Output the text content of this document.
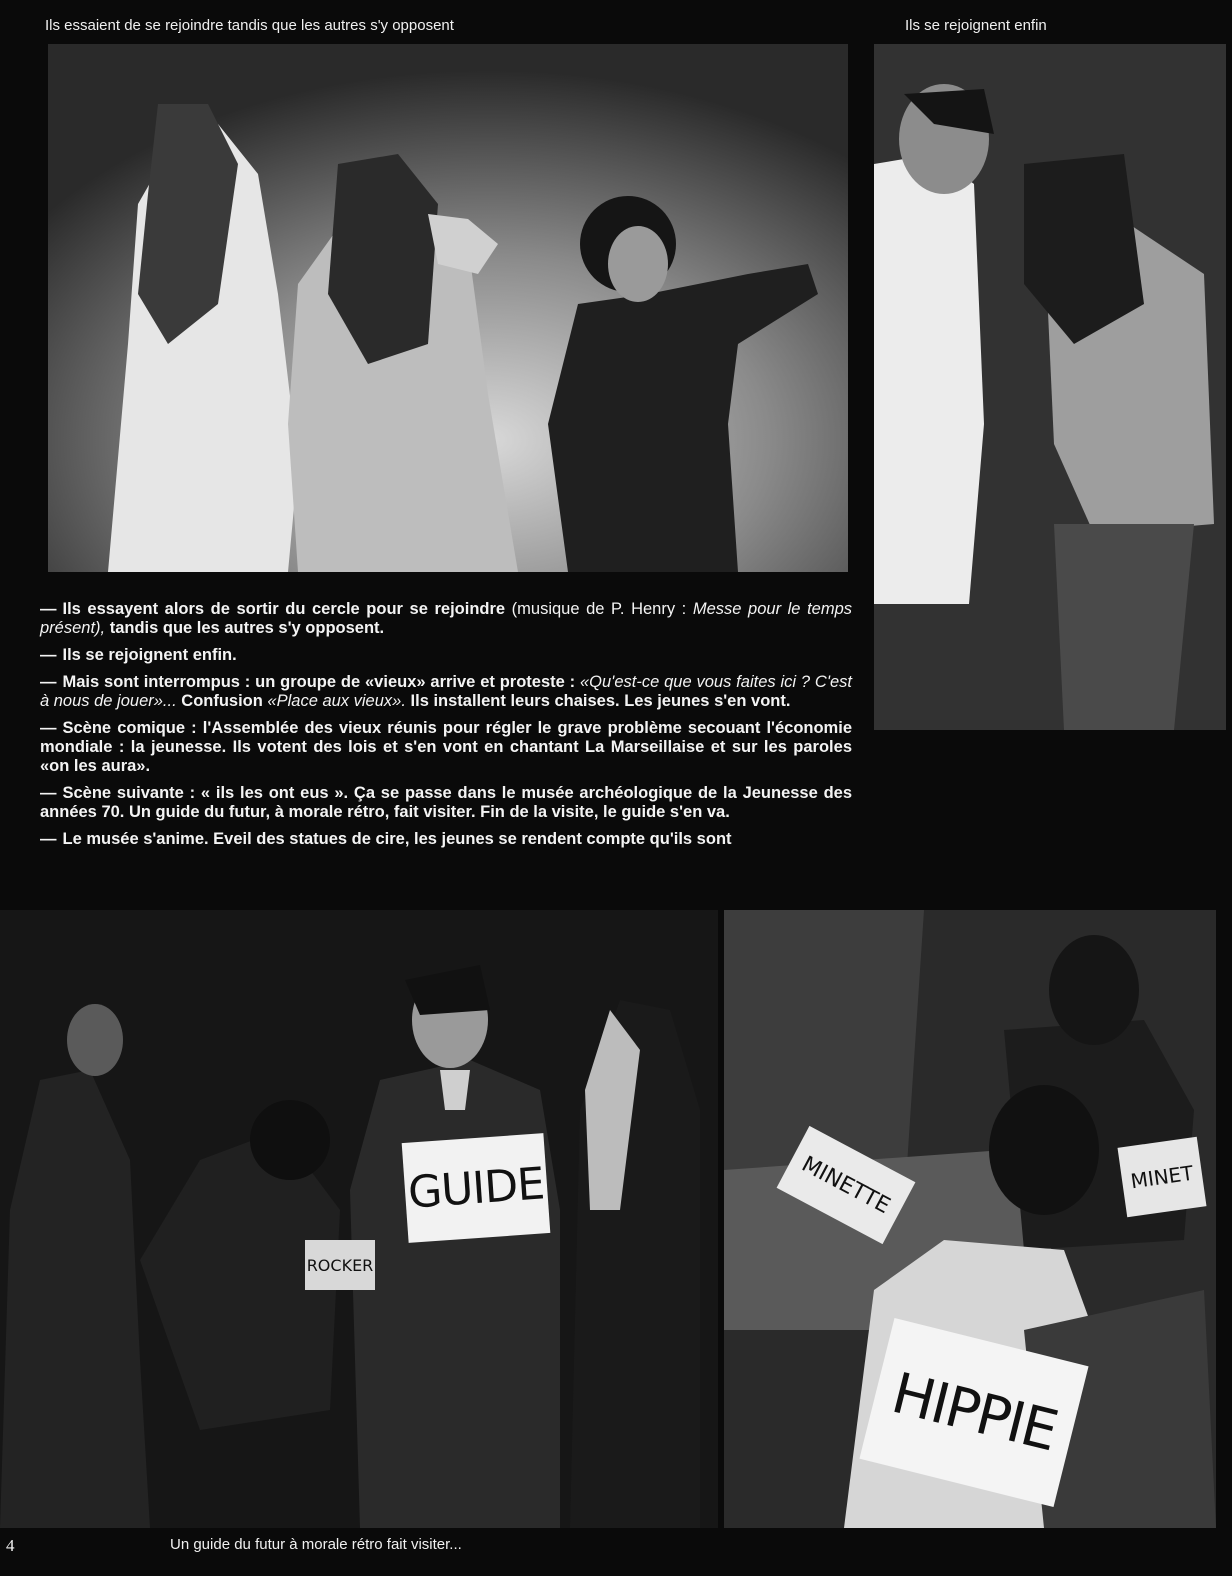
Ils essaient de se rejoindre tandis que les autres s'y opposent	Ils se rejoignent enfin

— Ils essayent alors de sortir du cercle pour se rejoindre (musique de P. Henry : Messe pour le temps présent), tandis que les autres s'y opposent.

— Ils se rejoignent enfin.

— Mais sont interrompus : un groupe de «vieux» arrive et proteste : «Qu'est-ce que vous faites ici ? C'est à nous de jouer»... Confusion «Place aux vieux». Ils installent leurs chaises. Les jeunes s'en vont.

— Scène comique : l'Assemblée des vieux réunis pour régler le grave problème secouant l'économie mondiale : la jeunesse. Ils votent des lois et s'en vont en chantant La Marseillaise et sur les paroles «on les aura».

— Scène suivante : « ils les ont eus ». Ça se passe dans le musée archéologique de la Jeunesse des années 70. Un guide du futur, à morale rétro, fait visiter. Fin de la visite, le guide s'en va.

— Le musée s'anime. Eveil des statues de cire, les jeunes se rendent compte qu'ils sont

GUIDE
ROCKER
MINETTE	MINET
HIPPIE
4	Un guide du futur à morale rétro fait visiter...
